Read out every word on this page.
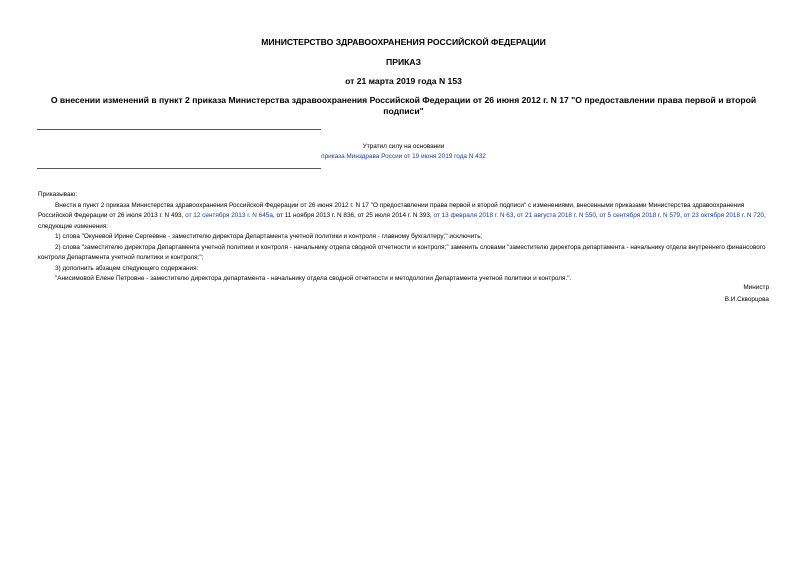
МИНИСТЕРСТВО ЗДРАВООХРАНЕНИЯ РОССИЙСКОЙ ФЕДЕРАЦИИ
ПРИКАЗ
от 21 марта 2019 года N 153
О внесении изменений в пункт 2 приказа Министерства здравоохранения Российской Федерации от 26 июня 2012 г. N 17 "О предоставлении права первой и второй подписи"
Утратил силу на основании
приказа Минздрава России от 19 июня 2019 года N 432

Приказываю:

Внести в пункт 2 приказа Министерства здравоохранения Российской Федерации от 26 июня 2012 г. N 17 "О предоставлении права первой и второй подписи" с изменениями, внесенными приказами Министерства здравоохранения Российской Федерации от 26 июля 2013 г. N 493, от 12 сентября 2013 г. N 645а, от 11 ноября 2013 г. N 836, от 25 июля 2014 г. N 393, от 13 февраля 2018 г. N 63, от 21 августа 2018 г. N 550, от 5 сентября 2018 г. N 579, от 23 октября 2018 г. N 720, следующие изменения:

1) слова "Окуневой Ирине Сергеевне - заместителю директора Департамента учетной политики и контроля - главному бухгалтеру;" исключить;

2) слова "заместителю директора Департамента учетной политики и контроля - начальнику отдела сводной отчетности и контроля;" заменить словами "заместителю директора департамента - начальнику отдела внутреннего финансового контроля Департамента учетной политики и контроля;";

3) дополнить абзацем следующего содержания:

"Анисимовой Елене Петровне - заместителю директора департамента - начальнику отдела сводной отчетности и методологии Департамента учетной политики и контроля.".

Министр
В.И.Скворцова
